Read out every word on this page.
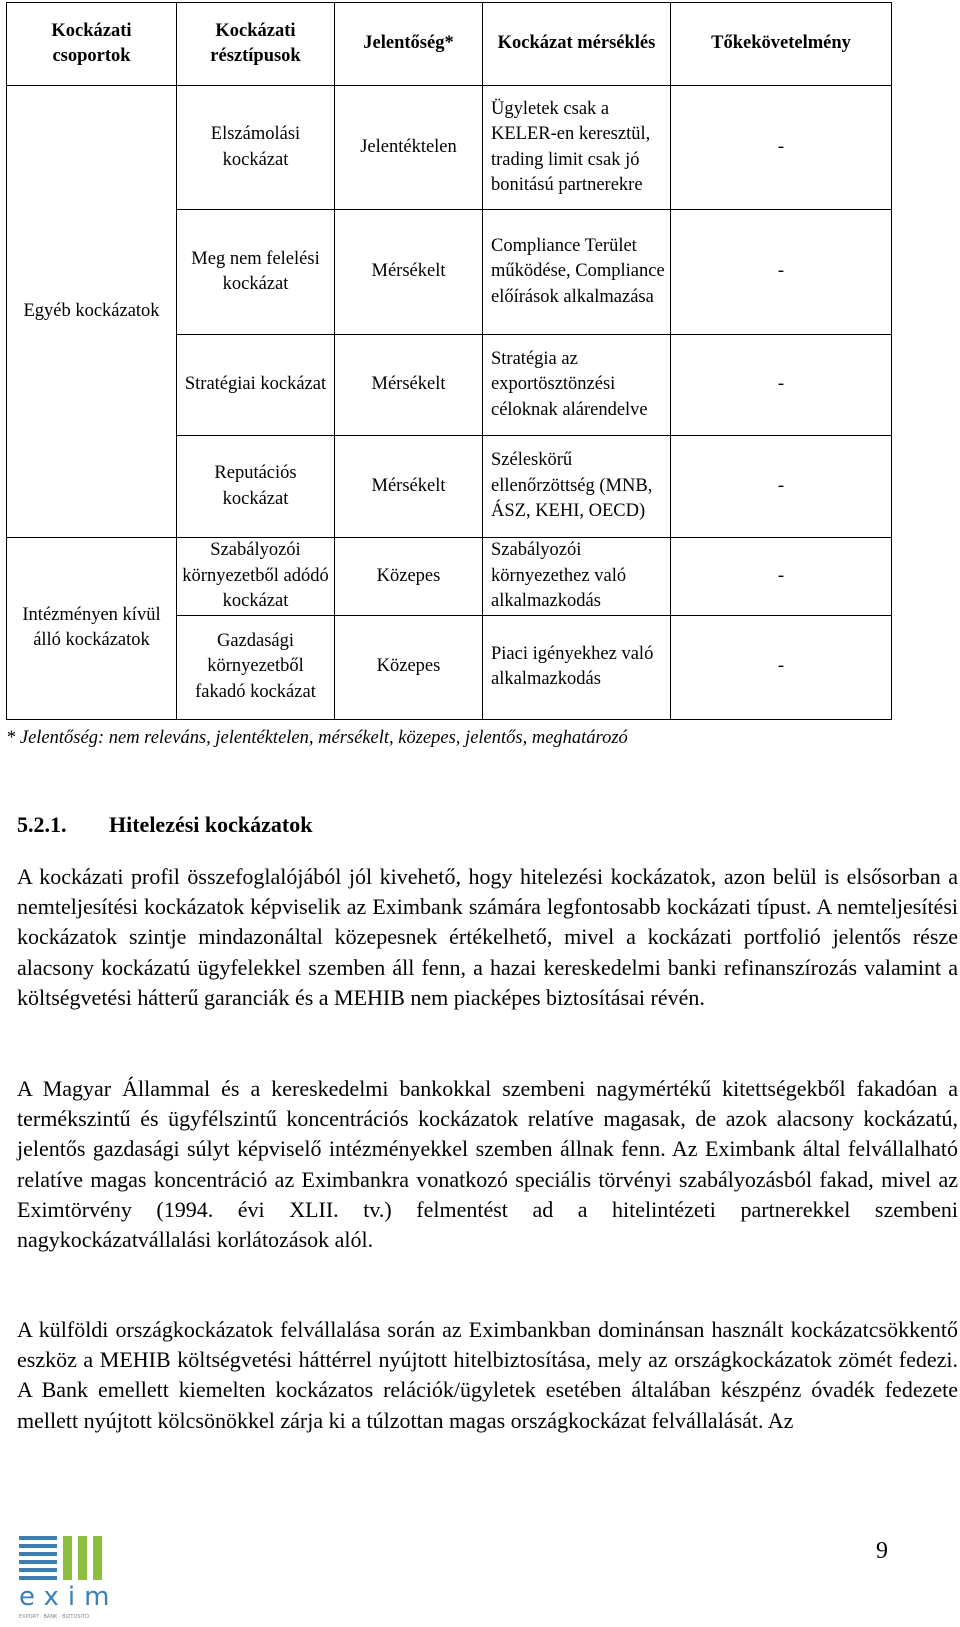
Kockázati csoportok	Kockázati résztípusok	Jelentőség*	Kockázat mérséklés	Tőkekövetelmény
Egyéb kockázatok	Elszámolási kockázat	Jelentéktelen	Ügyletek csak a KELER-en keresztül, trading limit csak jó bonitású partnerekre	-
	Meg nem felelési kockázat	Mérsékelt	Compliance Terület működése, Compliance előírások alkalmazása	-
	Stratégiai kockázat	Mérsékelt	Stratégia az exportösztönzési céloknak alárendelve	-
	Reputációs kockázat	Mérsékelt	Széleskörű ellenőrzöttség (MNB, ÁSZ, KEHI, OECD)	-
Intézményen kívül álló kockázatok	Szabályozói környezetből adódó kockázat	Közepes	Szabályozói környezethez való alkalmazkodás	-
	Gazdasági környezetből fakadó kockázat	Közepes	Piaci igényekhez való alkalmazkodás	-
* Jelentőség: nem releváns, jelentéktelen, mérsékelt, közepes, jelentős, meghatározó
5.2.1. Hitelezési kockázatok

A kockázati profil összefoglalójából jól kivehető, hogy hitelezési kockázatok, azon belül is elsősorban a nemteljesítési kockázatok képviselik az Eximbank számára legfontosabb kockázati típust. A nemteljesítési kockázatok szintje mindazonáltal közepesnek értékelhető, mivel a kockázati portfolió jelentős része alacsony kockázatú ügyfelekkel szemben áll fenn, a hazai kereskedelmi banki refinanszírozás valamint a költségvetési hátterű garanciák és a MEHIB nem piacképes biztosításai révén.

A Magyar Állammal és a kereskedelmi bankokkal szembeni nagymértékű kitettségekből fakadóan a termékszintű és ügyfélszintű koncentrációs kockázatok relatíve magasak, de azok alacsony kockázatú, jelentős gazdasági súlyt képviselő intézményekkel szemben állnak fenn. Az Eximbank által felvállalható relatíve magas koncentráció az Eximbankra vonatkozó speciális törvényi szabályozásból fakad, mivel az Eximtörvény (1994. évi XLII. tv.) felmentést ad a hitelintézeti partnerekkel szembeni nagykockázatvállalási korlátozások alól.

A külföldi országkockázatok felvállalása során az Eximbankban dominánsan használt kockázatcsökkentő eszköz a MEHIB költségvetési háttérrel nyújtott hitelbiztosítása, mely az országkockázatok zömét fedezi. A Bank emellett kiemelten kockázatos relációk/ügyletek esetében általában készpénz óvadék fedezete mellett nyújtott kölcsönökkel zárja ki a túlzottan magas országkockázat felvállalását. Az

exim
EXPORT · BANK · BIZTOSÍTÓ
9
